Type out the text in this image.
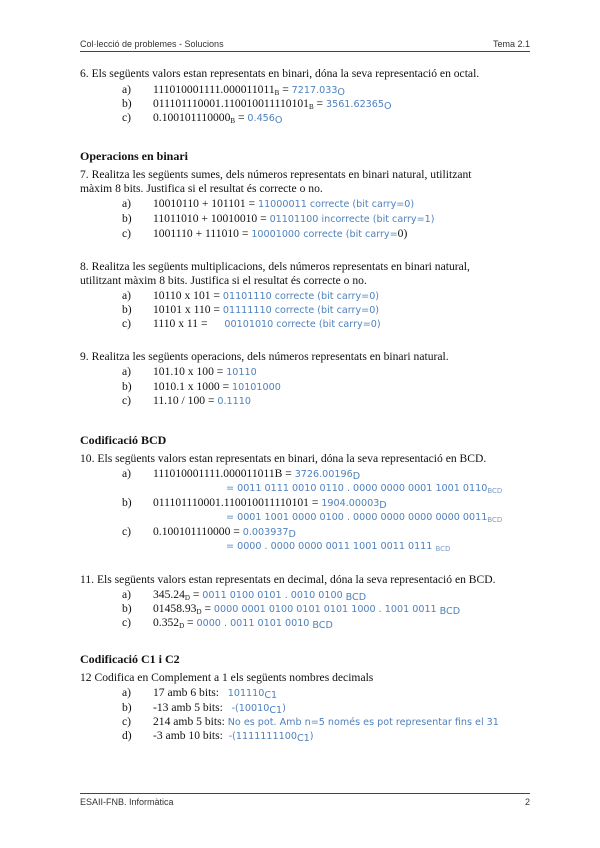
Col·lecció de problemes - Solucions	Tema 2.1
ESAII-FNB. Informàtica	2
6. Els següents valors estan representats en binari, dóna la seva representació en octal.
a) $111010001111.000011011_B = 7217.033_O$
b) $011101110001.110010011110101_B = 3561.62365_O$
c) $0.100101110000_B = 0.456_O$
Operacions en binari
7. Realitza les següents sumes, dels números representats en binari natural, utilitzant
màxim 8 bits. Justifica si el resultat és correcte o no.
a) 10010110 + 101101 = 11000011 correcte (bit carry=0)
b) 11011010 + 10010010 = 01101100 incorrecte (bit carry=1)
c) 1001110 + 111010 = 10001000 correcte (bit carry=0)
8. Realitza les següents multiplicacions, dels números representats en binari natural,
utilitzant màxim 8 bits. Justifica si el resultat és correcte o no.
a) 10110 x 101 = 01101110 correcte (bit carry=0)
b) 10101 x 110 = 01111110 correcte (bit carry=0)
c) 1110 x 11 = 00101010 correcte (bit carry=0)
9. Realitza les següents operacions, dels números representats en binari natural.
a) 101.10 x 100 = 10110
b) 1010.1 x 1000 = 10101000
c) 11.10 / 100 = 0.1110
Codificació BCD
10. Els següents valors estan representats en binari, dóna la seva representació en BCD.
a) $111010001111.000011011B = 3726.00196_D$
= 0011 0111 0010 0110 . 0000 0000 0001 1001 $0110_{BCD}$
b) $011101110001.110010011110101 = 1904.00003_D$
= 0001 1001 0000 0100 . 0000 0000 0000 0000 $0011_{BCD}$
c) $0.100101110000 = 0.003937_D$
= 0000 . 0000 0000 0011 1001 0011 0111 $_{BCD}$
11. Els següents valors estan representats en decimal, dóna la seva representació en BCD.
a) $345.24_D = 0011$ 0100 0101 . 0010 0100 $_{BCD}$
b) $01458.93_D = 0000$ 0001 0100 0101 0101 1000 . 1001 0011 $_{BCD}$
c) $0.352_D = 0000$ . 0011 0101 0010 $_{BCD}$
Codificació C1 i C2
12 Codifica en Complement a 1 els següents nombres decimals
a) 17 amb 6 bits: $101110_{C1}$
b) -13 amb 5 bits: $-(10010_{C1})$
c) 214 amb 5 bits: No es pot. Amb n=5 només es pot representar fins el 31
d) -3 amb 10 bits: $-(1111111100_{C1})$
